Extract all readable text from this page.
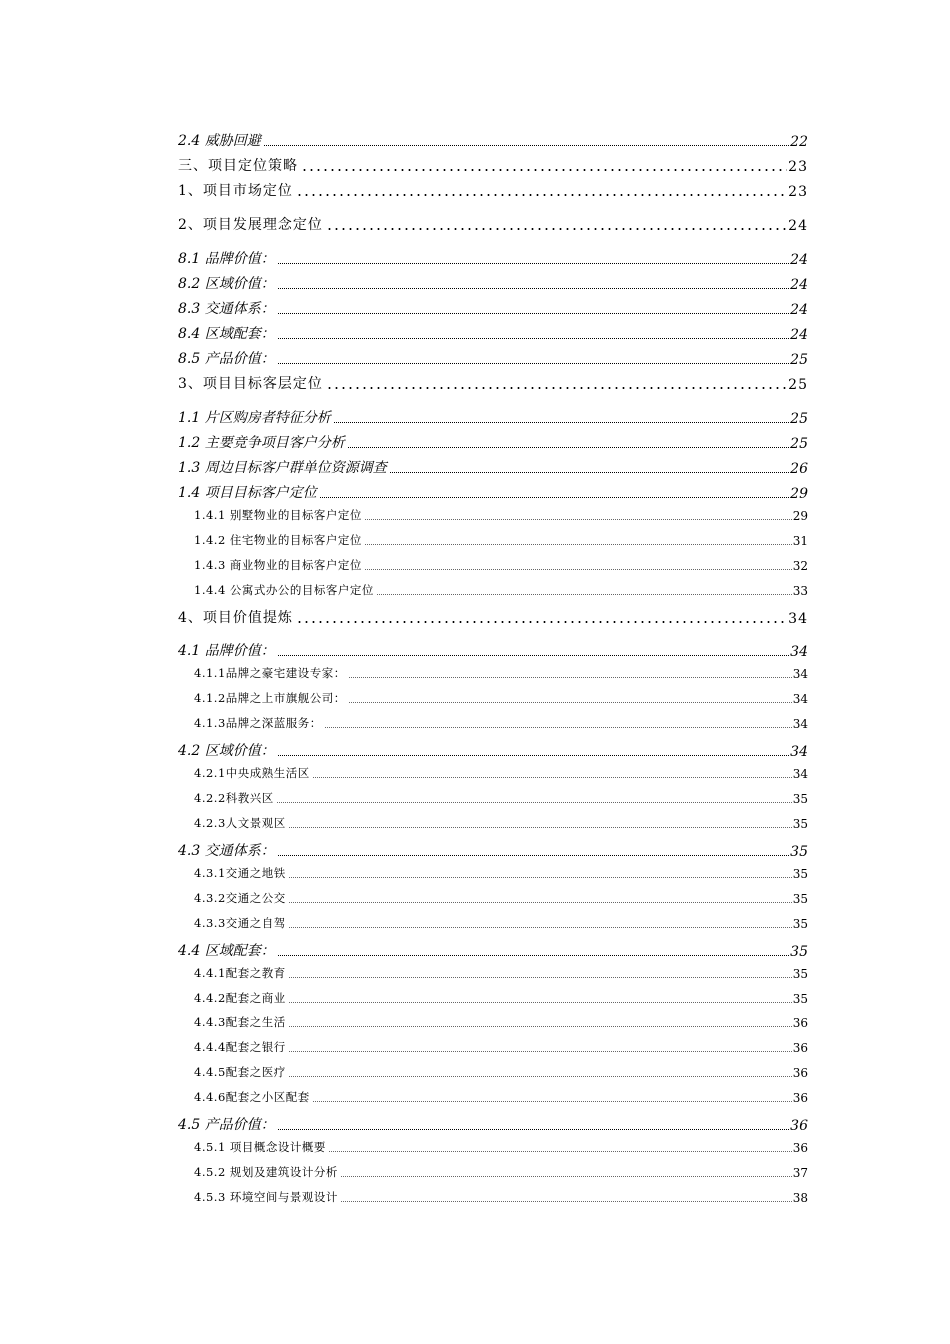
2.4 威胁回避	22
三、项目定位策略	23
1、项目市场定位	23
2、项目发展理念定位	24
8.1 品牌价值：	24
8.2 区域价值：	24
8.3 交通体系：	24
8.4 区域配套：	24
8.5 产品价值：	25
3、项目目标客层定位	25
1.1 片区购房者特征分析	25
1.2 主要竞争项目客户分析	25
1.3 周边目标客户群单位资源调查	26
1.4 项目目标客户定位	29
1.4.1 别墅物业的目标客户定位	29
1.4.2 住宅物业的目标客户定位	31
1.4.3 商业物业的目标客户定位	32
1.4.4 公寓式办公的目标客户定位	33
4、项目价值提炼	34
4.1 品牌价值：	34
4.1.1品牌之豪宅建设专家：	34
4.1.2品牌之上市旗舰公司：	34
4.1.3品牌之深蓝服务：	34
4.2 区域价值：	34
4.2.1中央成熟生活区	34
4.2.2科教兴区	35
4.2.3人文景观区	35
4.3 交通体系：	35
4.3.1交通之地铁	35
4.3.2交通之公交	35
4.3.3交通之自驾	35
4.4 区域配套：	35
4.4.1配套之教育	35
4.4.2配套之商业	35
4.4.3配套之生活	36
4.4.4配套之银行	36
4.4.5配套之医疗	36
4.4.6配套之小区配套	36
4.5 产品价值：	36
4.5.1 项目概念设计概要	36
4.5.2 规划及建筑设计分析	37
4.5.3 环境空间与景观设计	38
